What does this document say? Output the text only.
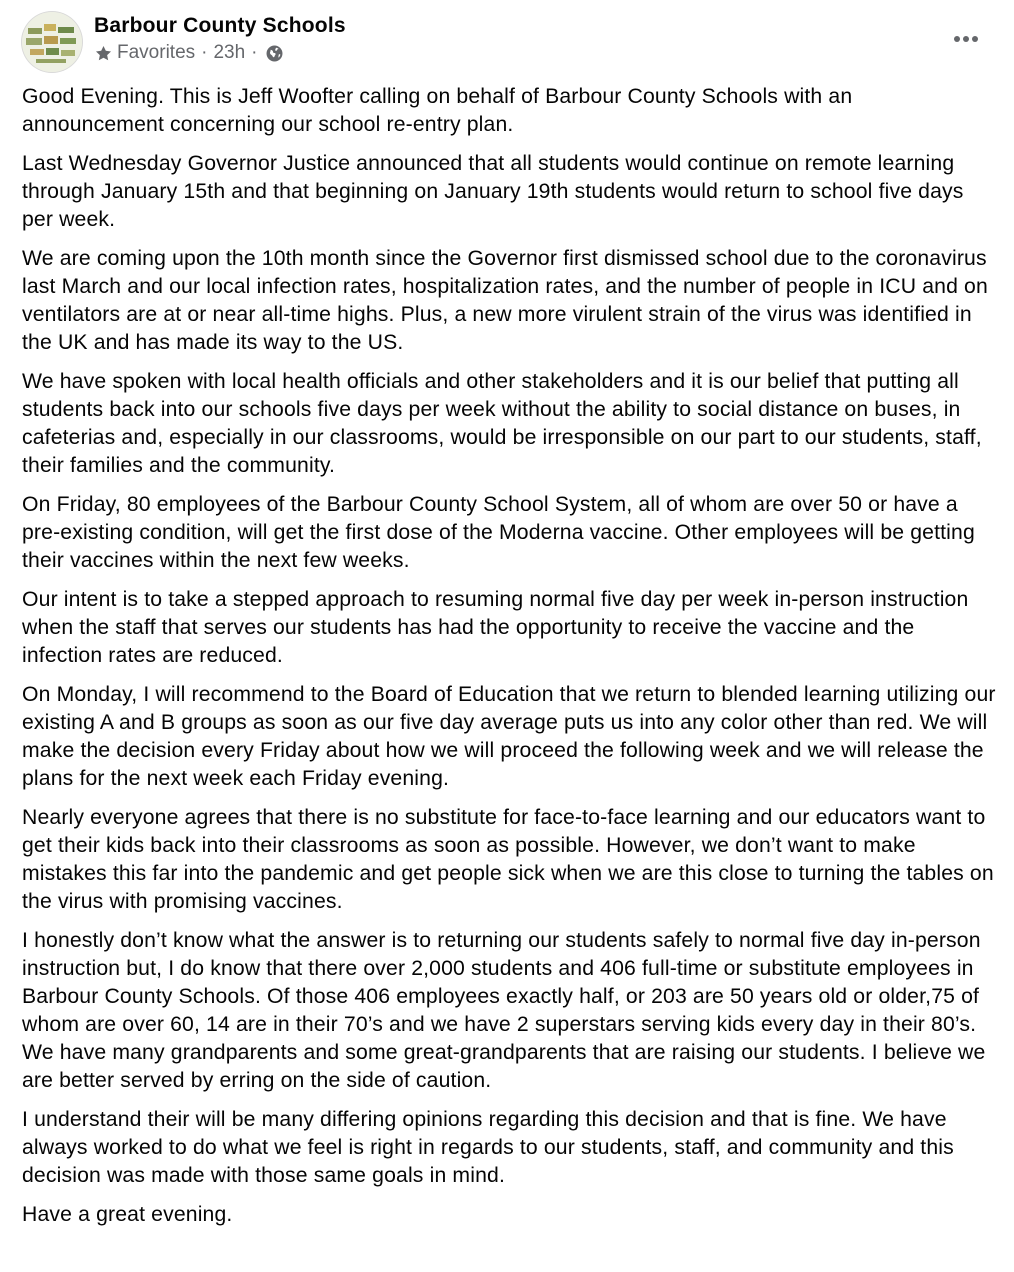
Barbour County Schools
Favorites · 23h ·

Good Evening. This is Jeff Woofter calling on behalf of Barbour County Schools with an announcement concerning our school re-entry plan.

Last Wednesday Governor Justice announced that all students would continue on remote learning through January 15th and that beginning on January 19th students would return to school five days per week.

We are coming upon the 10th month since the Governor first dismissed school due to the coronavirus last March and our local infection rates, hospitalization rates, and the number of people in ICU and on ventilators are at or near all-time highs. Plus, a new more virulent strain of the virus was identified in the UK and has made its way to the US.

We have spoken with local health officials and other stakeholders and it is our belief that putting all students back into our schools five days per week without the ability to social distance on buses, in cafeterias and, especially in our classrooms, would be irresponsible on our part to our students, staff, their families and the community.

On Friday, 80 employees of the Barbour County School System, all of whom are over 50 or have a pre-existing condition, will get the first dose of the Moderna vaccine. Other employees will be getting their vaccines within the next few weeks.

Our intent is to take a stepped approach to resuming normal five day per week in-person instruction when the staff that serves our students has had the opportunity to receive the vaccine and the infection rates are reduced.

On Monday, I will recommend to the Board of Education that we return to blended learning utilizing our existing A and B groups as soon as our five day average puts us into any color other than red. We will make the decision every Friday about how we will proceed the following week and we will release the plans for the next week each Friday evening.

Nearly everyone agrees that there is no substitute for face-to-face learning and our educators want to get their kids back into their classrooms as soon as possible. However, we don’t want to make mistakes this far into the pandemic and get people sick when we are this close to turning the tables on the virus with promising vaccines.

I honestly don’t know what the answer is to returning our students safely to normal five day in-person instruction but, I do know that there over 2,000 students and 406 full-time or substitute employees in Barbour County Schools. Of those 406 employees exactly half, or 203 are 50 years old or older,75 of whom are over 60, 14 are in their 70’s and we have 2 superstars serving kids every day in their 80’s.

We have many grandparents and some great-grandparents that are raising our students. I believe we are better served by erring on the side of caution.

I understand their will be many differing opinions regarding this decision and that is fine. We have always worked to do what we feel is right in regards to our students, staff, and community and this decision was made with those same goals in mind.

Have a great evening.
